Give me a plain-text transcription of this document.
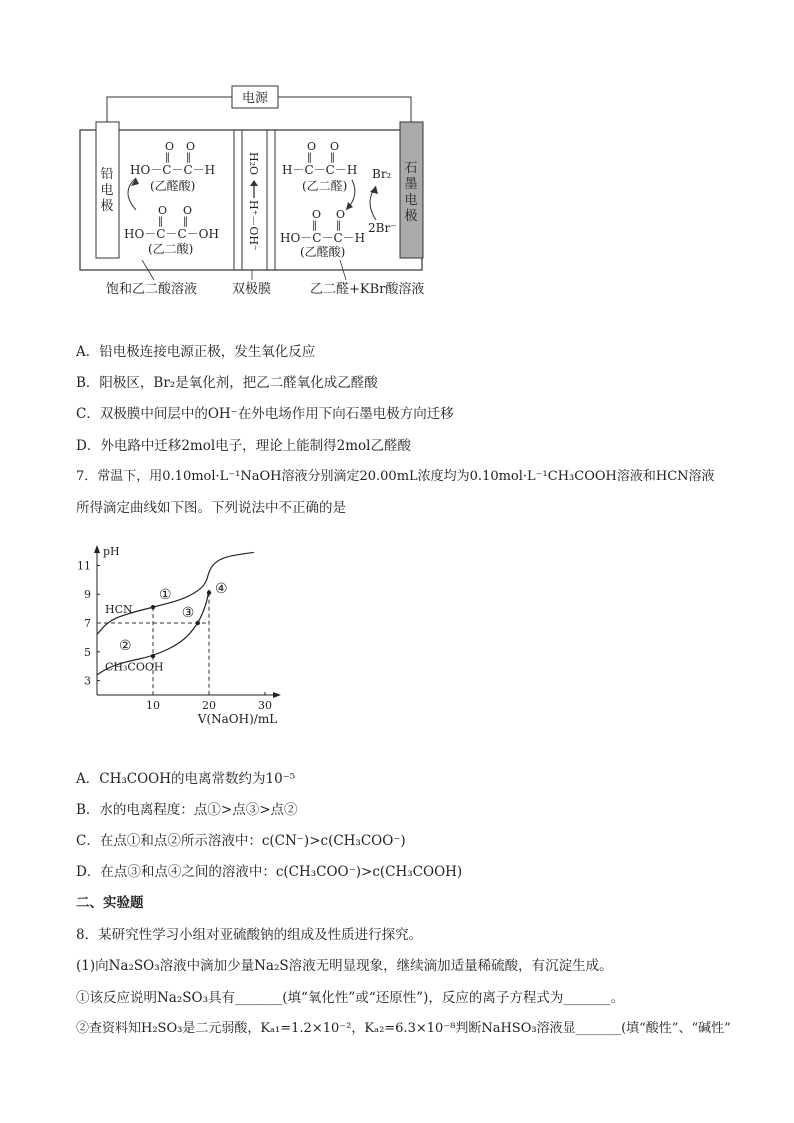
电源
铅
电
极
石
墨
电
极
O O
‖ ‖
HO－C－C－H
(乙醛酸)
O O
‖ ‖
HO－C－C－OH
(乙二酸)
H₂O
H⁺－OH⁻
O O
‖ ‖
H－C－C－H
(乙二醛)
Br₂
2Br⁻
O O
‖ ‖
HO－C－C－H
(乙醛酸)
饱和乙二酸溶液	双极膜	乙二醛+KBr酸溶液
A．铅电极连接电源正极，发生氧化反应
B．阳极区，Br₂是氧化剂，把乙二醛氧化成乙醛酸
C．双极膜中间层中的OH⁻在外电场作用下向石墨电极方向迁移
D．外电路中迁移2mol电子，理论上能制得2mol乙醛酸
7．常温下，用0.10mol·L⁻¹NaOH溶液分别滴定20.00mL浓度均为0.10mol·L⁻¹CH₃COOH溶液和HCN溶液
所得滴定曲线如下图。下列说法中不正确的是
10	20	30
3
5
7
9
11
pH
V(NaOH)/mL
HCN
CH₃COOH
①
②
③
④
A．CH₃COOH的电离常数约为10⁻⁵
B．水的电离程度：点①>点③>点②
C．在点①和点②所示溶液中：c(CN⁻)>c(CH₃COO⁻)
D．在点③和点④之间的溶液中：c(CH₃COO⁻)>c(CH₃COOH)
二、实验题
8．某研究性学习小组对亚硫酸钠的组成及性质进行探究。
(1)向Na₂SO₃溶液中滴加少量Na₂S溶液无明显现象，继续滴加适量稀硫酸，有沉淀生成。
①该反应说明Na₂SO₃具有_______(填“氧化性”或“还原性”)，反应的离子方程式为_______。
②查资料知H₂SO₃是二元弱酸，Kₐ₁=1.2×10⁻²，Kₐ₂=6.3×10⁻⁸判断NaHSO₃溶液显_______(填“酸性”、“碱性”
